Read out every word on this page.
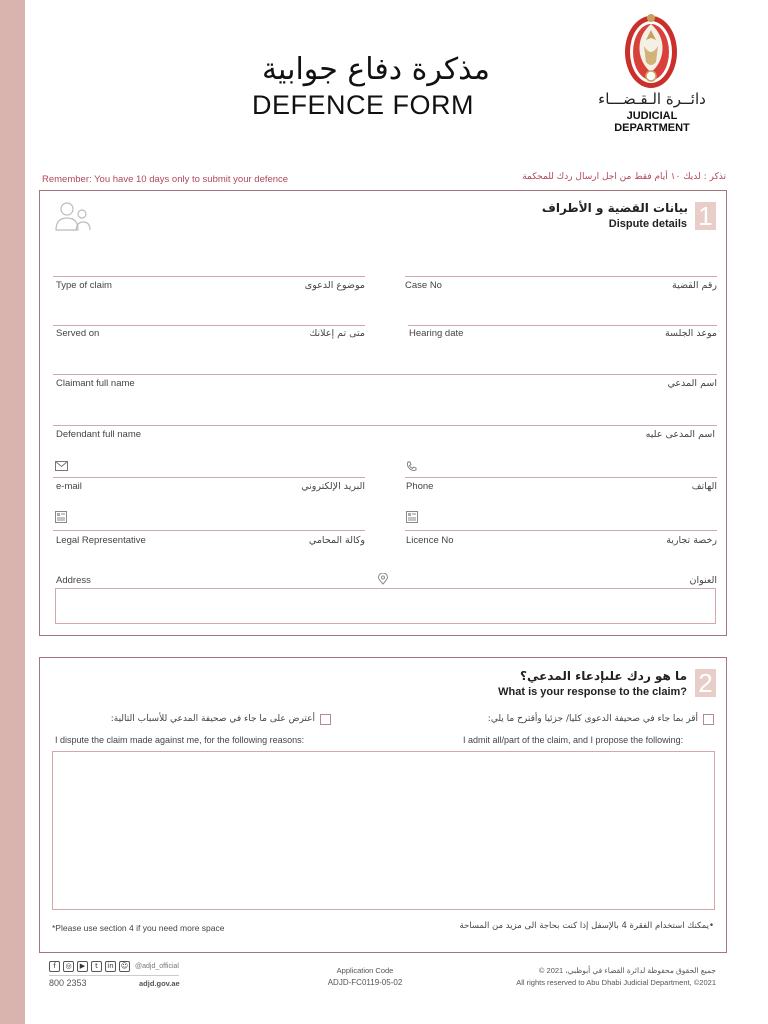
مذكرة دفاع جوابية
DEFENCE FORM	دائــرة الـقـضـــاء
JUDICIAL DEPARTMENT
Remember: You have 10 days only to submit your defence	تذكر : لديك ١٠ أيام فقط من اجل ارسال ردك للمحكمة
بيانات القضية و الأطراف
Dispute details 1
Type of claim	موضوع الدعوى	Case No	رقم القضية
Served on	متى تم إعلانك	Hearing date	موعد الجلسة
Claimant full name	اسم المدعي
Defendant full name	اسم المدعى عليه
e-mail	البريد الإلكتروني	Phone	الهاتف
Legal Representative	وكالة المحامي	Licence No	رخصة تجارية
Address	العنوان
ما هو ردك علىإدعاء المدعي؟
What is your response to the claim? 2
أعترض على ما جاء في صحيفة المدعي للأسباب التالية:
I dispute the claim made against me, for the following reasons:
أقر بما جاء في صحيفة الدعوى كليا/ جزئيا وأقترح ما يلي:
I admit all/part of the claim, and I propose the following:
*Please use section 4 if you need more space	•يمكنك استخدام الفقرة 4 بالإسفل إذا كنت بحاجة الى مزيد من المساحة
f	◎	▶	t	in	☺ @adjd_official
800 2353	adjd.gov.ae
Application Code
ADJD-FC0119-05-02
جميع الحقوق محفوظة لدائرة القضاء في أبوظبي، 2021 ©
All rights reserved to Abu Dhabi Judicial Department, ©2021
